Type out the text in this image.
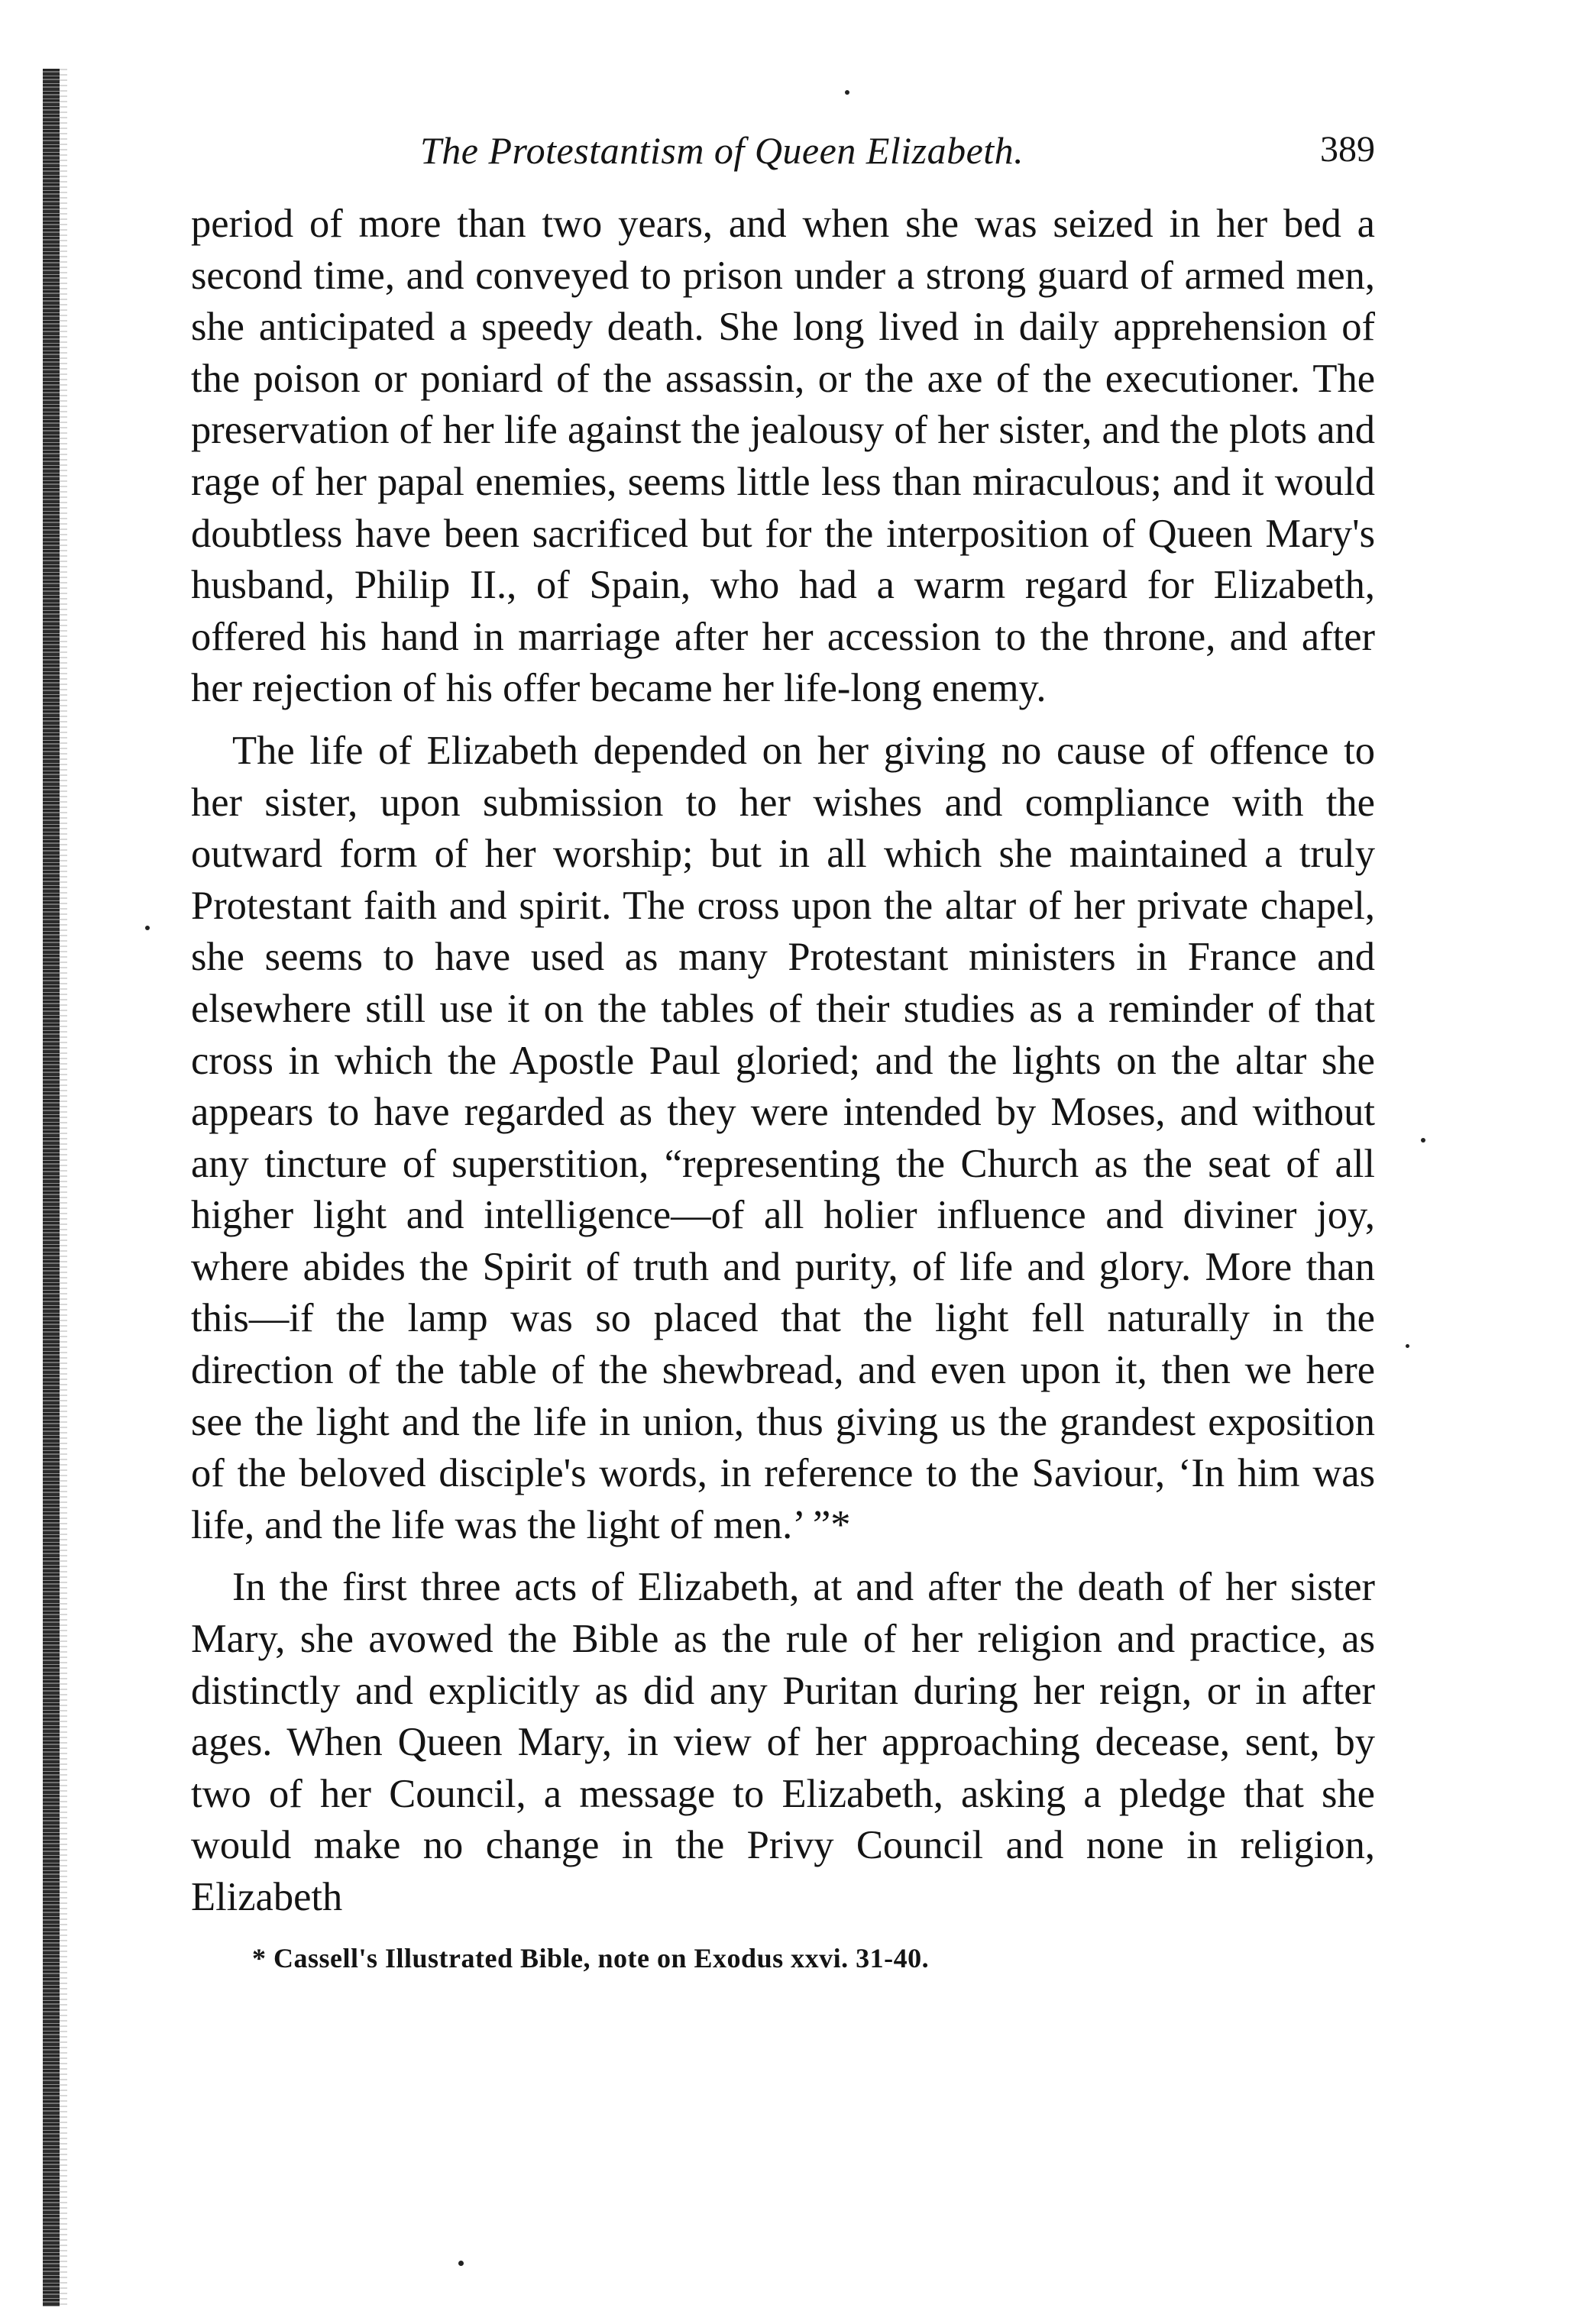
The Protestantism of Queen Elizabeth.	389

period of more than two years, and when she was seized in her bed a second time, and conveyed to prison under a strong guard of armed men, she anticipated a speedy death. She long lived in daily apprehension of the poison or poniard of the assassin, or the axe of the executioner. The preservation of her life against the jealousy of her sister, and the plots and rage of her papal enemies, seems little less than miraculous; and it would doubtless have been sacrificed but for the interposition of Queen Mary's husband, Philip II., of Spain, who had a warm regard for Elizabeth, offered his hand in marriage after her accession to the throne, and after her rejection of his offer became her life-long enemy.

The life of Elizabeth depended on her giving no cause of offence to her sister, upon submission to her wishes and compliance with the outward form of her worship; but in all which she maintained a truly Protestant faith and spirit. The cross upon the altar of her private chapel, she seems to have used as many Protestant ministers in France and elsewhere still use it on the tables of their studies as a reminder of that cross in which the Apostle Paul gloried; and the lights on the altar she appears to have regarded as they were intended by Moses, and without any tincture of superstition, “representing the Church as the seat of all higher light and intelligence—of all holier influence and diviner joy, where abides the Spirit of truth and purity, of life and glory. More than this—if the lamp was so placed that the light fell naturally in the direction of the table of the shewbread, and even upon it, then we here see the light and the life in union, thus giving us the grandest exposition of the beloved disciple's words, in reference to the Saviour, ‘In him was life, and the life was the light of men.’ ”*

In the first three acts of Elizabeth, at and after the death of her sister Mary, she avowed the Bible as the rule of her religion and practice, as distinctly and explicitly as did any Puritan during her reign, or in after ages. When Queen Mary, in view of her approaching decease, sent, by two of her Council, a message to Elizabeth, asking a pledge that she would make no change in the Privy Council and none in religion, Elizabeth

* Cassell's Illustrated Bible, note on Exodus xxvi. 31-40.
